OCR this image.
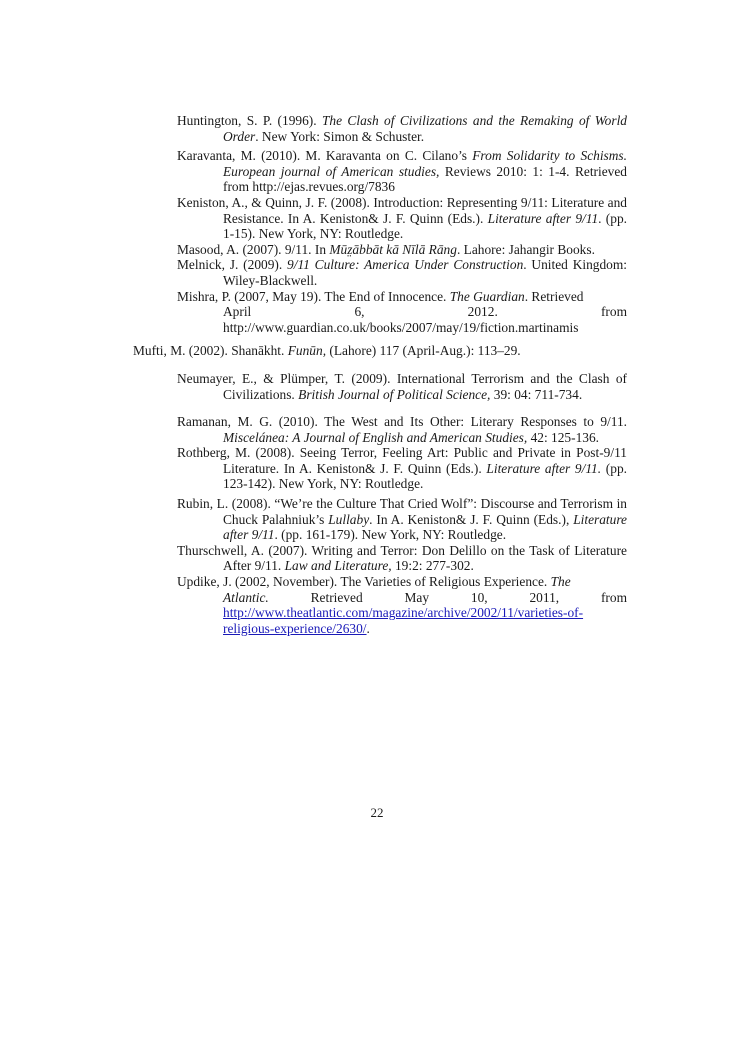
Huntington, S. P. (1996). The Clash of Civilizations and the Remaking of World Order. New York: Simon & Schuster.

Karavanta, M. (2010). M. Karavanta on C. Cilano’s From Solidarity to Schisms. European journal of American studies, Reviews 2010: 1: 1-4. Retrieved from http://ejas.revues.org/7836

Keniston, A., & Quinn, J. F. (2008). Introduction: Representing 9/11: Literature and Resistance. In A. Keniston& J. F. Quinn (Eds.). Literature after 9/11. (pp. 1-15). New York, NY: Routledge.

Masood, A. (2007). 9/11. In Mūz̤ābbāt kā Nīlā Rāng. Lahore: Jahangir Books.

Melnick, J. (2009). 9/11 Culture: America Under Construction. United Kingdom: Wiley-Blackwell.

Mishra, P. (2007, May 19). The End of Innocence. The Guardian. Retrieved
April	6,	2012.	from
http://www.guardian.co.uk/books/2007/may/19/fiction.martinamis

Mufti, M. (2002). Shanākht. Funūn, (Lahore) 117 (April-Aug.): 113–29.

Neumayer, E., & Plümper, T. (2009). International Terrorism and the Clash of Civilizations. British Journal of Political Science, 39: 04: 711-734.

Ramanan, M. G. (2010). The West and Its Other: Literary Responses to 9/11. Miscelánea: A Journal of English and American Studies, 42: 125-136.

Rothberg, M. (2008). Seeing Terror, Feeling Art: Public and Private in Post-9/11 Literature. In A. Keniston& J. F. Quinn (Eds.). Literature after 9/11. (pp. 123-142). New York, NY: Routledge.

Rubin, L. (2008). “We’re the Culture That Cried Wolf”: Discourse and Terrorism in Chuck Palahniuk’s Lullaby. In A. Keniston& J. F. Quinn (Eds.), Literature after 9/11. (pp. 161-179). New York, NY: Routledge.

Thurschwell, A. (2007). Writing and Terror: Don Delillo on the Task of Literature After 9/11. Law and Literature, 19:2: 277-302.

Updike, J. (2002, November). The Varieties of Religious Experience. The
Atlantic.	Retrieved	May	10,	2011,	from
http://www.theatlantic.com/magazine/archive/2002/11/varieties-of-religious-experience/2630/.

22
